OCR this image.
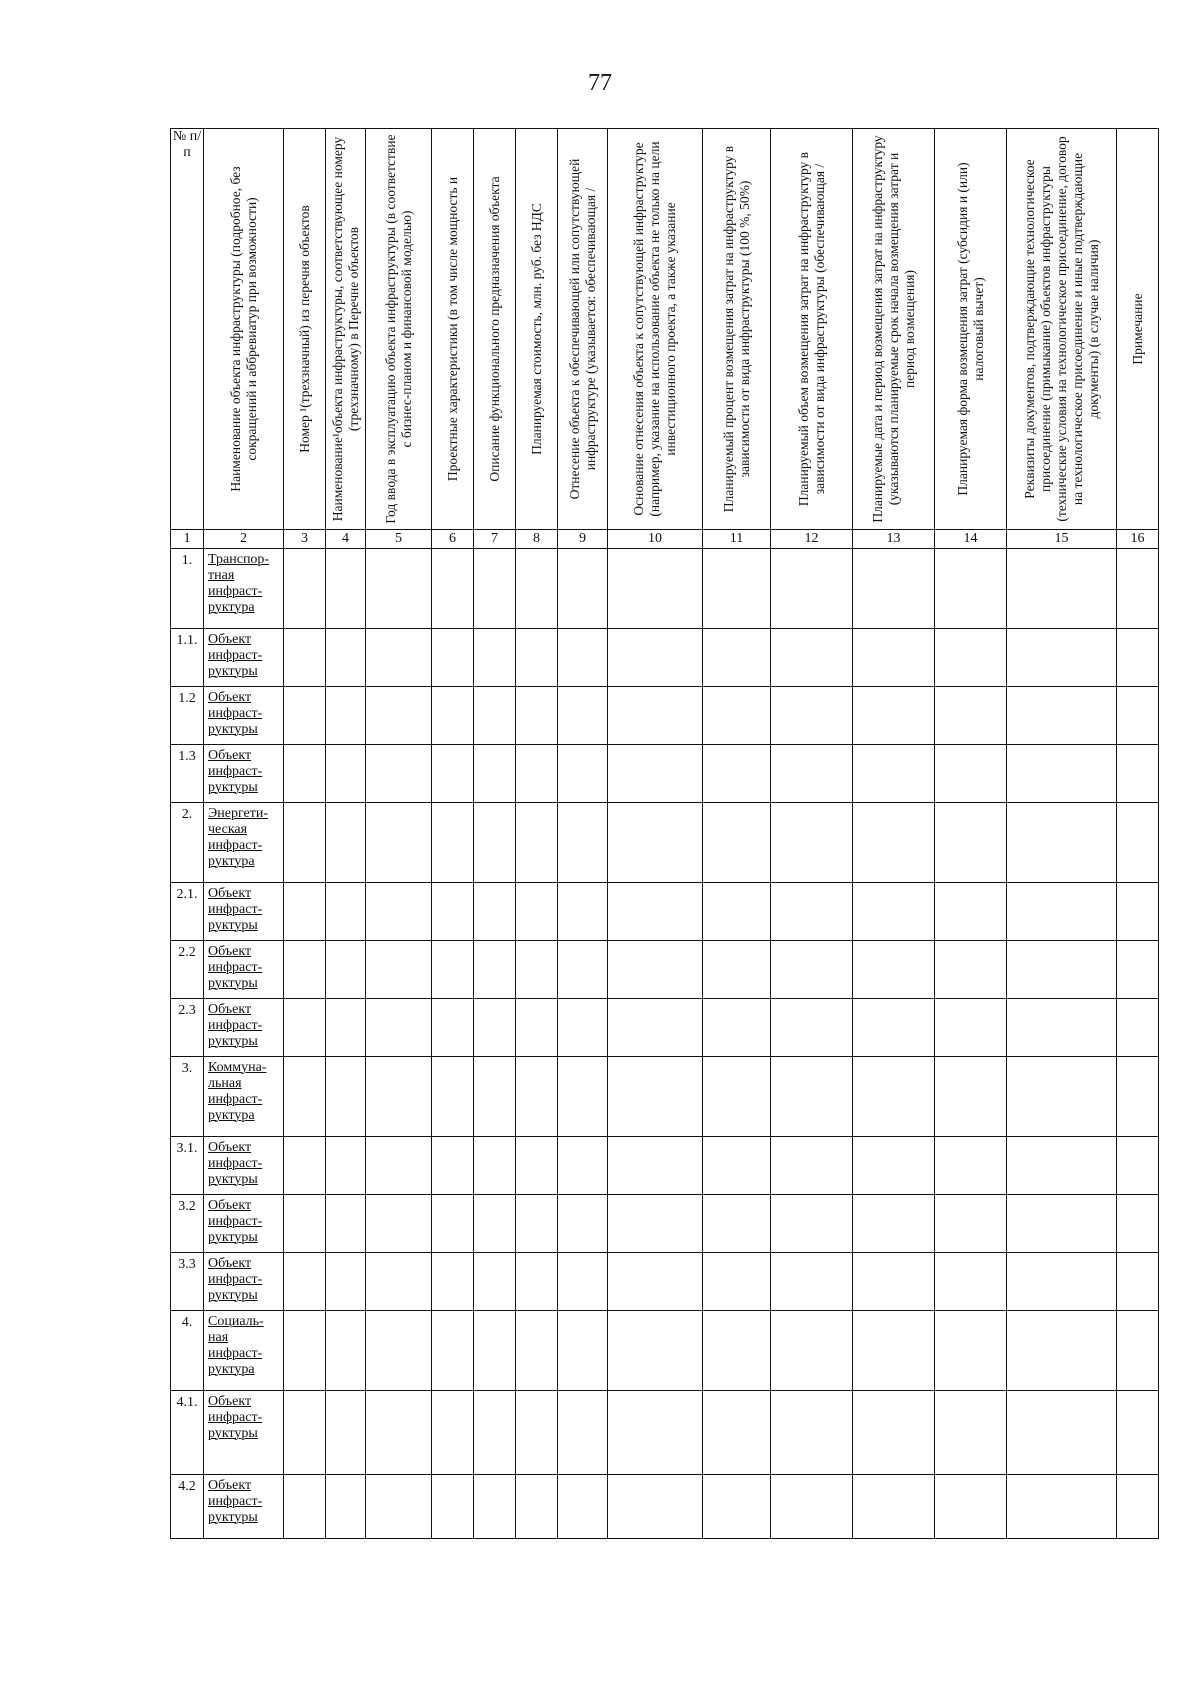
77
№ п/п	Наименование объекта инфраструктуры (подробное, без сокращений и аббревиатур при возможности)	Номер ¹(трехзначный) из перечня объектов	Наименование¹объекта инфраструктуры, соответствующее номеру (трехзначному) в Перечне объектов	Год ввода в эксплуатацию объекта инфраструктуры (в соответствие с бизнес-планом и финансовой моделью)	Проектные характеристики (в том числе мощность и	Описание функционального предназначения объекта	Планируемая стоимость, млн. руб. без НДС	Отнесение объекта к обеспечивающей или сопутствующей инфраструктуре (указывается: обеспечивающая /	Основание отнесения объекта к сопутствующей инфраструктуре (например, указание на использование объекта не только на цели инвестиционного проекта, а также указание	Планируемый процент возмещения затрат на инфраструктуру в зависимости от вида инфраструктуры (100 %, 50%)	Планируемый объем возмещения затрат на инфраструктуру в зависимости от вида инфраструктуры (обеспечивающая /	Планируемые дата и период возмещения затрат на инфраструктуру (указываются планируемые срок начала возмещения затрат и период возмещения)	Планируемая форма возмещения затрат (субсидия и (или) налоговый вычет)	Реквизиты документов, подтверждающие технологическое присоединение (примыкание) объектов инфраструктуры (технические условия на технологическое присоединение, договор на технологическое присоединение и иные подтверждающие документы) (в случае наличия)	Примечание

1	2	3	4	5	6	7	8	9	10	11	12	13	14	15	16
1.	Транспор-тная инфраст-руктура														
1.1.	Объект инфраст-руктуры														
1.2	Объект инфраст-руктуры														
1.3	Объект инфраст-руктуры														
2.	Энергети-ческая инфраст-руктура														
2.1.	Объект инфраст-руктуры														
2.2	Объект инфраст-руктуры														
2.3	Объект инфраст-руктуры														
3.	Коммуна-льная инфраст-руктура														
3.1.	Объект инфраст-руктуры														
3.2	Объект инфраст-руктуры														
3.3	Объект инфраст-руктуры														
4.	Социаль-ная инфраст-руктура														
4.1.	Объект инфраст-руктуры														
4.2	Объект инфраст-руктуры														
